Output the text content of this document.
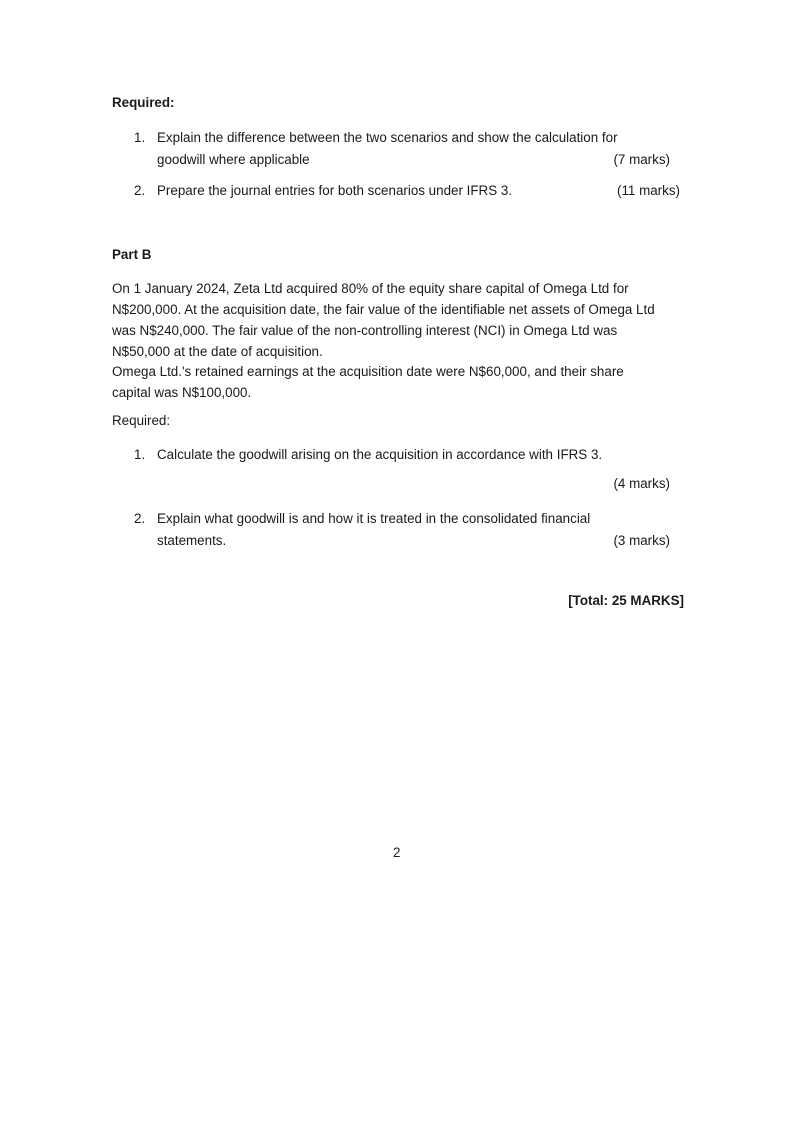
Required:
1. Explain the difference between the two scenarios and show the calculation for
goodwill where applicable	(7 marks)
2. Prepare the journal entries for both scenarios under IFRS 3.	(11 marks)
Part B
On 1 January 2024, Zeta Ltd acquired 80% of the equity share capital of Omega Ltd for
N$200,000. At the acquisition date, the fair value of the identifiable net assets of Omega Ltd
was N$240,000. The fair value of the non-controlling interest (NCI) in Omega Ltd was
N$50,000 at the date of acquisition.
Omega Ltd.'s retained earnings at the acquisition date were N$60,000, and their share
capital was N$100,000.
Required:
1. Calculate the goodwill arising on the acquisition in accordance with IFRS 3.
(4 marks)
2. Explain what goodwill is and how it is treated in the consolidated financial
statements.	(3 marks)
[Total: 25 MARKS]
2
